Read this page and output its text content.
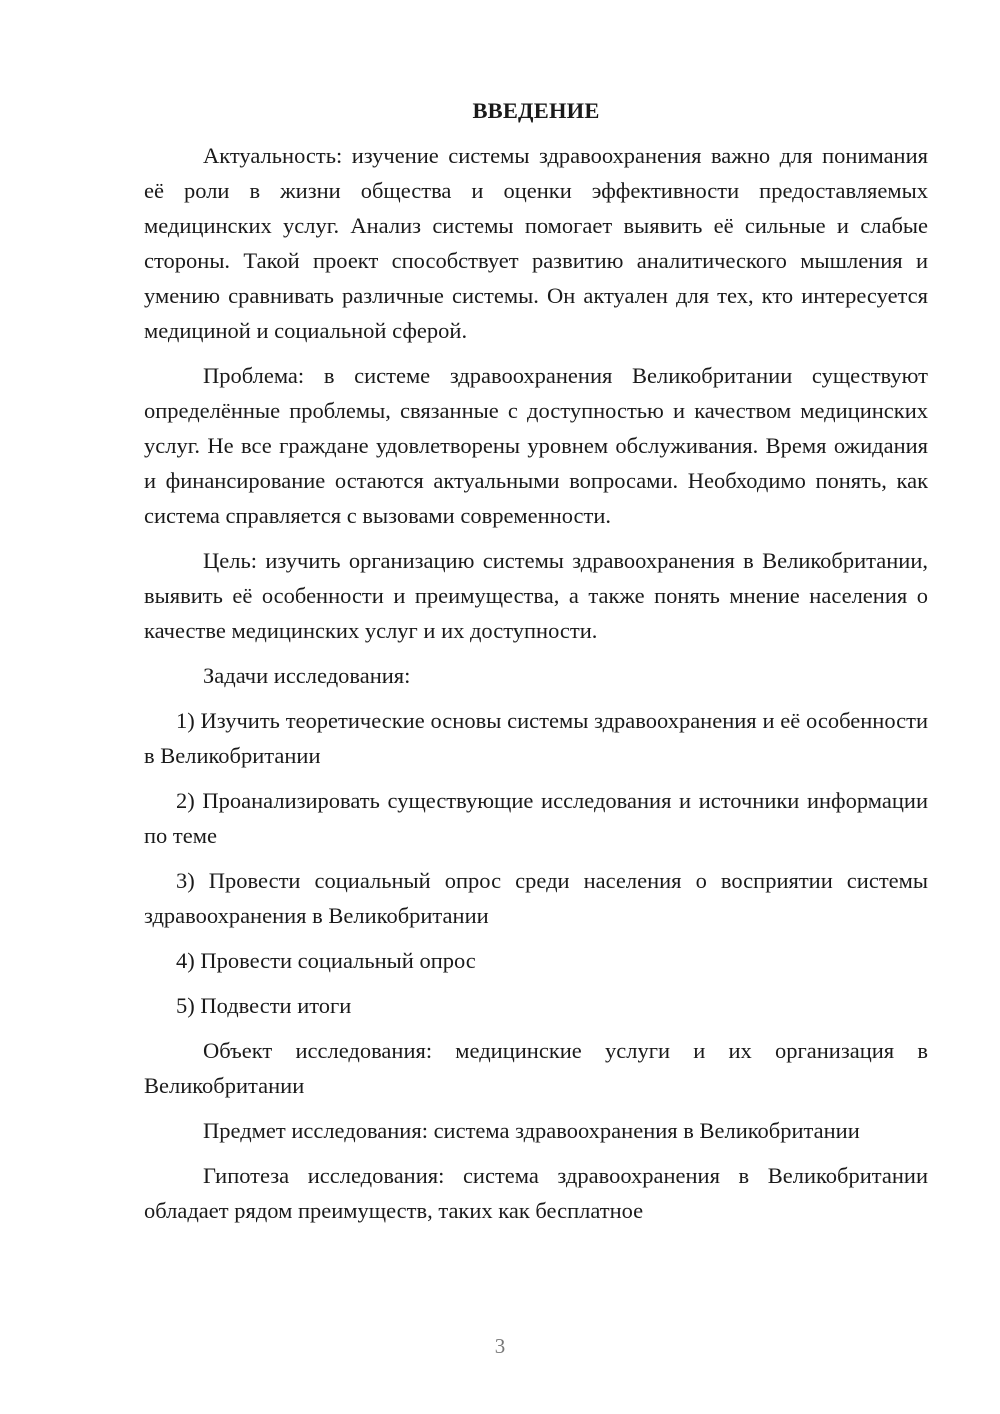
ВВЕДЕНИЕ

Актуальность: изучение системы здравоохранения важно для понимания её роли в жизни общества и оценки эффективности предоставляемых медицинских услуг. Анализ системы помогает выявить её сильные и слабые стороны. Такой проект способствует развитию аналитического мышления и умению сравнивать различные системы. Он актуален для тех, кто интересуется медициной и социальной сферой.

Проблема: в системе здравоохранения Великобритании существуют определённые проблемы, связанные с доступностью и качеством медицинских услуг. Не все граждане удовлетворены уровнем обслуживания. Время ожидания и финансирование остаются актуальными вопросами. Необходимо понять, как система справляется с вызовами современности.

Цель: изучить организацию системы здравоохранения в Великобритании, выявить её особенности и преимущества, а также понять мнение населения о качестве медицинских услуг и их доступности.

Задачи исследования:

1) Изучить теоретические основы системы здравоохранения и её особенности в Великобритании

2) Проанализировать существующие исследования и источники информации по теме

3) Провести социальный опрос среди населения о восприятии системы здравоохранения в Великобритании

4) Провести социальный опрос

5) Подвести итоги

Объект исследования: медицинские услуги и их организация в Великобритании

Предмет исследования: система здравоохранения в Великобритании

Гипотеза исследования: система здравоохранения в Великобритании обладает рядом преимуществ, таких как бесплатное

3
